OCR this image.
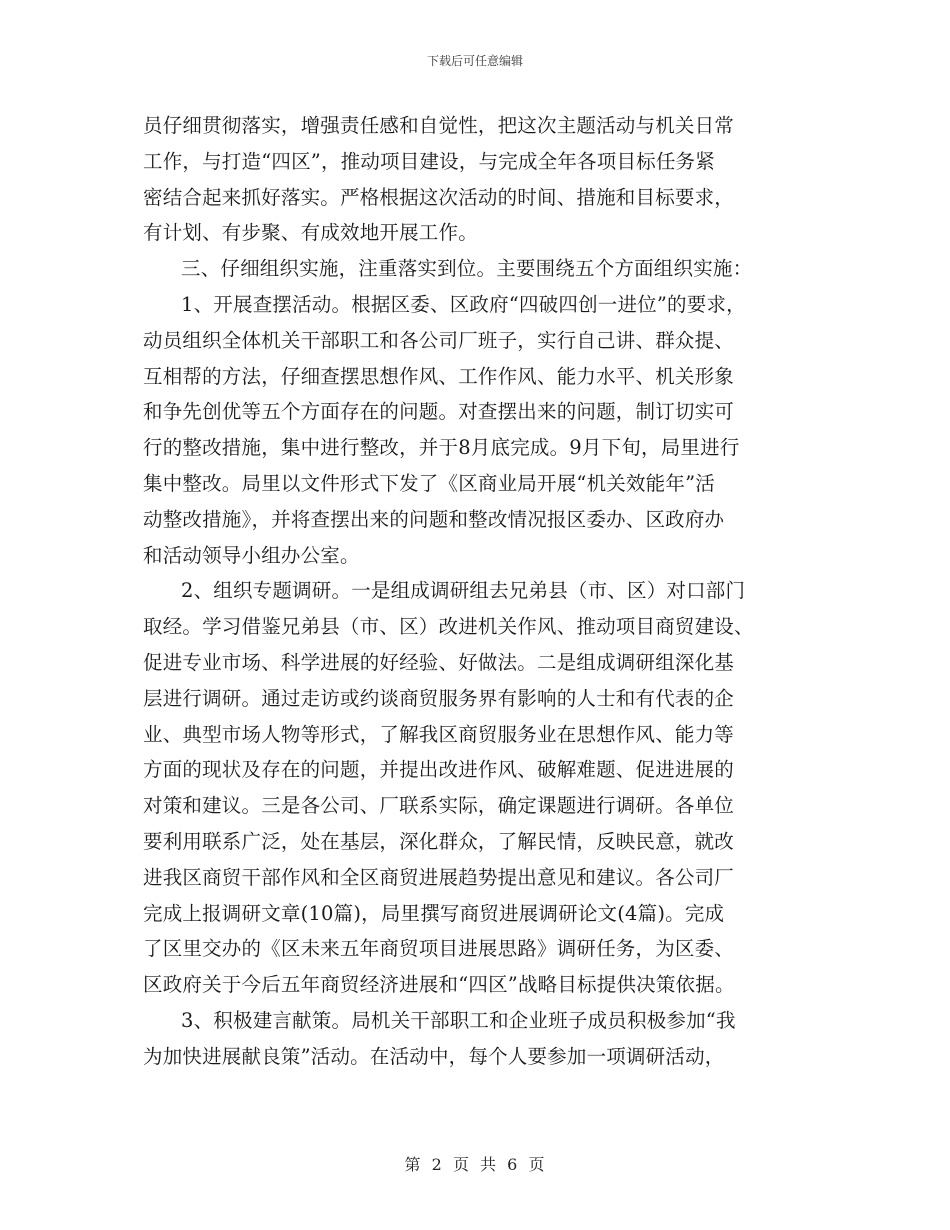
下载后可任意编辑
员仔细贯彻落实，增强责任感和自觉性，把这次主题活动与机关日常
工作，与打造“四区”，推动项目建设，与完成全年各项目标任务紧
密结合起来抓好落实。严格根据这次活动的时间、措施和目标要求，
有计划、有步聚、有成效地开展工作。
三、仔细组织实施，注重落实到位。主要围绕五个方面组织实施：
1、开展查摆活动。根据区委、区政府“四破四创一进位”的要求，
动员组织全体机关干部职工和各公司厂班子，实行自己讲、群众提、
互相帮的方法，仔细查摆思想作风、工作作风、能力水平、机关形象
和争先创优等五个方面存在的问题。对查摆出来的问题，制订切实可
行的整改措施，集中进行整改，并于8月底完成。9月下旬，局里进行
集中整改。局里以文件形式下发了《区商业局开展“机关效能年”活
动整改措施》，并将查摆出来的问题和整改情况报区委办、区政府办
和活动领导小组办公室。
2、组织专题调研。一是组成调研组去兄弟县（市、区）对口部门
取经。学习借鉴兄弟县（市、区）改进机关作风、推动项目商贸建设、
促进专业市场、科学进展的好经验、好做法。二是组成调研组深化基
层进行调研。通过走访或约谈商贸服务界有影响的人士和有代表的企
业、典型市场人物等形式，了解我区商贸服务业在思想作风、能力等
方面的现状及存在的问题，并提出改进作风、破解难题、促进进展的
对策和建议。三是各公司、厂联系实际，确定课题进行调研。各单位
要利用联系广泛，处在基层，深化群众，了解民情，反映民意，就改
进我区商贸干部作风和全区商贸进展趋势提出意见和建议。各公司厂
完成上报调研文章(10篇)，局里撰写商贸进展调研论文(4篇)。完成
了区里交办的《区未来五年商贸项目进展思路》调研任务，为区委、
区政府关于今后五年商贸经济进展和“四区”战略目标提供决策依据。
3、积极建言献策。局机关干部职工和企业班子成员积极参加“我
为加快进展献良策”活动。在活动中，每个人要参加一项调研活动，
第 2 页 共 6 页
